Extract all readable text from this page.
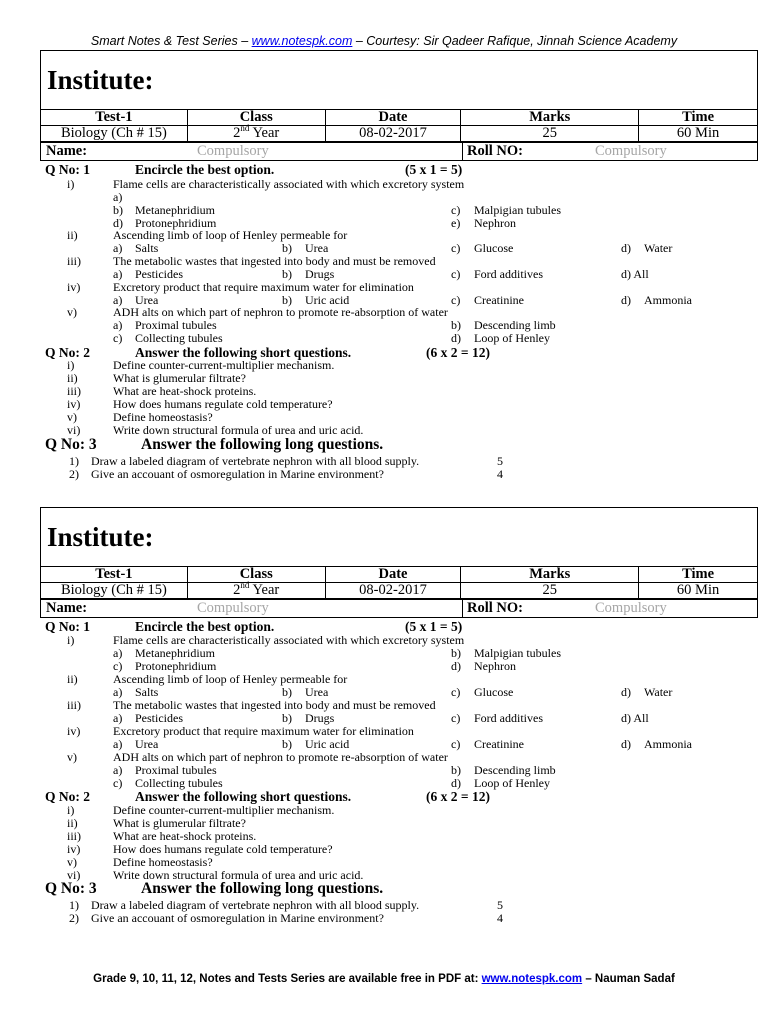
Smart Notes & Test Series – www.notespk.com – Courtesy: Sir Qadeer Rafique, Jinnah Science Academy
Institute:
Test-1	Class	Date	Marks	Time
Biology (Ch # 15)	2nd Year	08-02-2017	25	60 Min
Name:	Compulsory	Roll NO:	Compulsory
Q No: 1	Encircle the best option.	(5 x 1 = 5)
i)	Flame cells are characteristically associated with which excretory system
a)
b) Metanephridium	c) Malpigian tubules
d) Protonephridium	e) Nephron
ii)	Ascending limb of loop of Henley permeable for
a) Salts	b) Urea	c) Glucose	d) Water
iii)	The metabolic wastes that ingested into body and must be removed
a) Pesticides	b) Drugs	c) Ford additives	d) All
iv)	Excretory product that require maximum water for elimination
a) Urea	b) Uric acid	c) Creatinine	d) Ammonia
v)	ADH alts on which part of nephron to promote re-absorption of water
a) Proximal tubules	b) Descending limb
c) Collecting tubules	d) Loop of Henley
Q No: 2	Answer the following short questions.	(6 x 2 = 12)
i)	Define counter-current-multiplier mechanism.
ii)	What is glumerular filtrate?
iii)	What are heat-shock proteins.
iv)	How does humans regulate cold temperature?
v)	Define homeostasis?
vi)	Write down structural formula of urea and uric acid.
Q No: 3	Answer the following long questions.
1) Draw a labeled diagram of vertebrate nephron with all blood supply.	5
2) Give an accouant of osmoregulation in Marine environment?	4
Institute:
Test-1	Class	Date	Marks	Time
Biology (Ch # 15)	2nd Year	08-02-2017	25	60 Min
Name:	Compulsory	Roll NO:	Compulsory
Q No: 1	Encircle the best option.	(5 x 1 = 5)
i)	Flame cells are characteristically associated with which excretory system
a) Metanephridium	b) Malpigian tubules
c) Protonephridium	d) Nephron
ii)	Ascending limb of loop of Henley permeable for
a) Salts	b) Urea	c) Glucose	d) Water
iii)	The metabolic wastes that ingested into body and must be removed
a) Pesticides	b) Drugs	c) Ford additives	d) All
iv)	Excretory product that require maximum water for elimination
a) Urea	b) Uric acid	c) Creatinine	d) Ammonia
v)	ADH alts on which part of nephron to promote re-absorption of water
a) Proximal tubules	b) Descending limb
c) Collecting tubules	d) Loop of Henley
Q No: 2	Answer the following short questions.	(6 x 2 = 12)
i)	Define counter-current-multiplier mechanism.
ii)	What is glumerular filtrate?
iii)	What are heat-shock proteins.
iv)	How does humans regulate cold temperature?
v)	Define homeostasis?
vi)	Write down structural formula of urea and uric acid.
Q No: 3	Answer the following long questions.
1) Draw a labeled diagram of vertebrate nephron with all blood supply.	5
2) Give an accouant of osmoregulation in Marine environment?	4
Grade 9, 10, 11, 12, Notes and Tests Series are available free in PDF at: www.notespk.com – Nauman Sadaf
